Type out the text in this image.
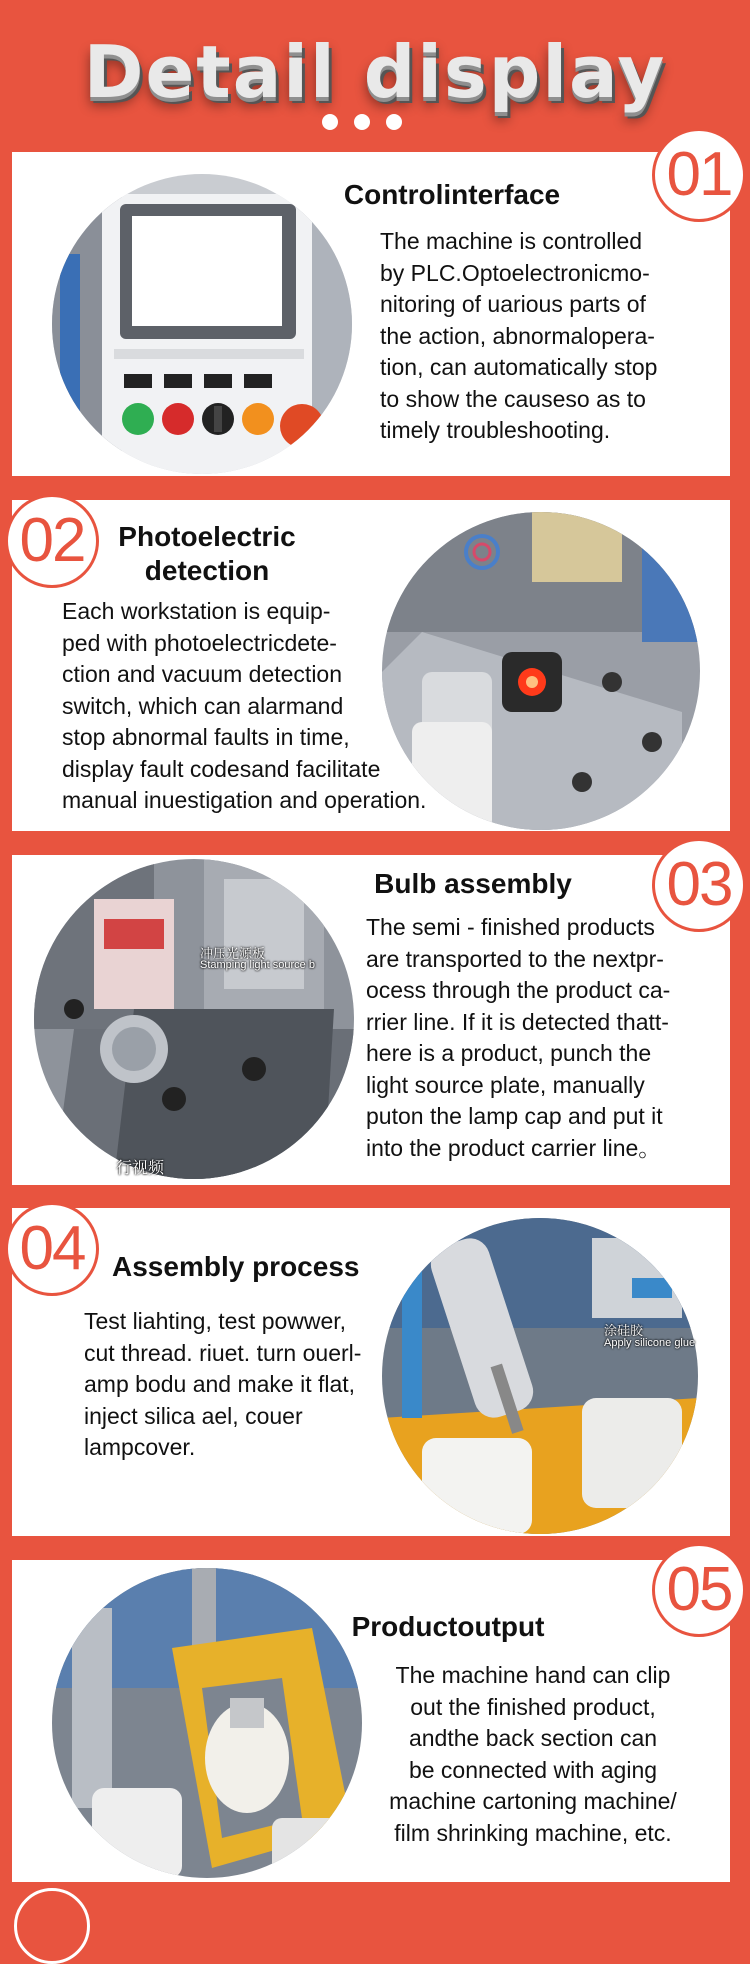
Detail display
Controlinterface
The machine is controlled
by PLC.Optoelectronicmo-
nitoring of uarious parts of
the action, abnormalopera-
tion, can automatically stop
to show the causeso as to
timely troubleshooting.
01
02	Photoelectric
detection
Each workstation is equip-
ped with photoelectricdete-
ction and vacuum detection
switch, which can alarmand
stop abnormal faults in time,
display fault codesand facilitate
manual inuestigation and operation.
冲压光源板
Stamping light source b
行视频
Bulb assembly
The semi - finished products
are transported to the nextpr-
ocess through the product ca-
rrier line. If it is detected thatt-
here is a product, punch the
light source plate, manually
puton the lamp cap and put it
into the product carrier line。
03
涂硅胶
Apply silicone glue
04 Assembly process
Test liahting, test powwer,
cut thread. riuet. turn ouerl-
amp bodu and make it flat,
inject silica ael, couer
lampcover.
Productoutput
The machine hand can clip
out the finished product,
andthe back section can
be connected with aging
machine cartoning machine/
film shrinking machine, etc.
05
